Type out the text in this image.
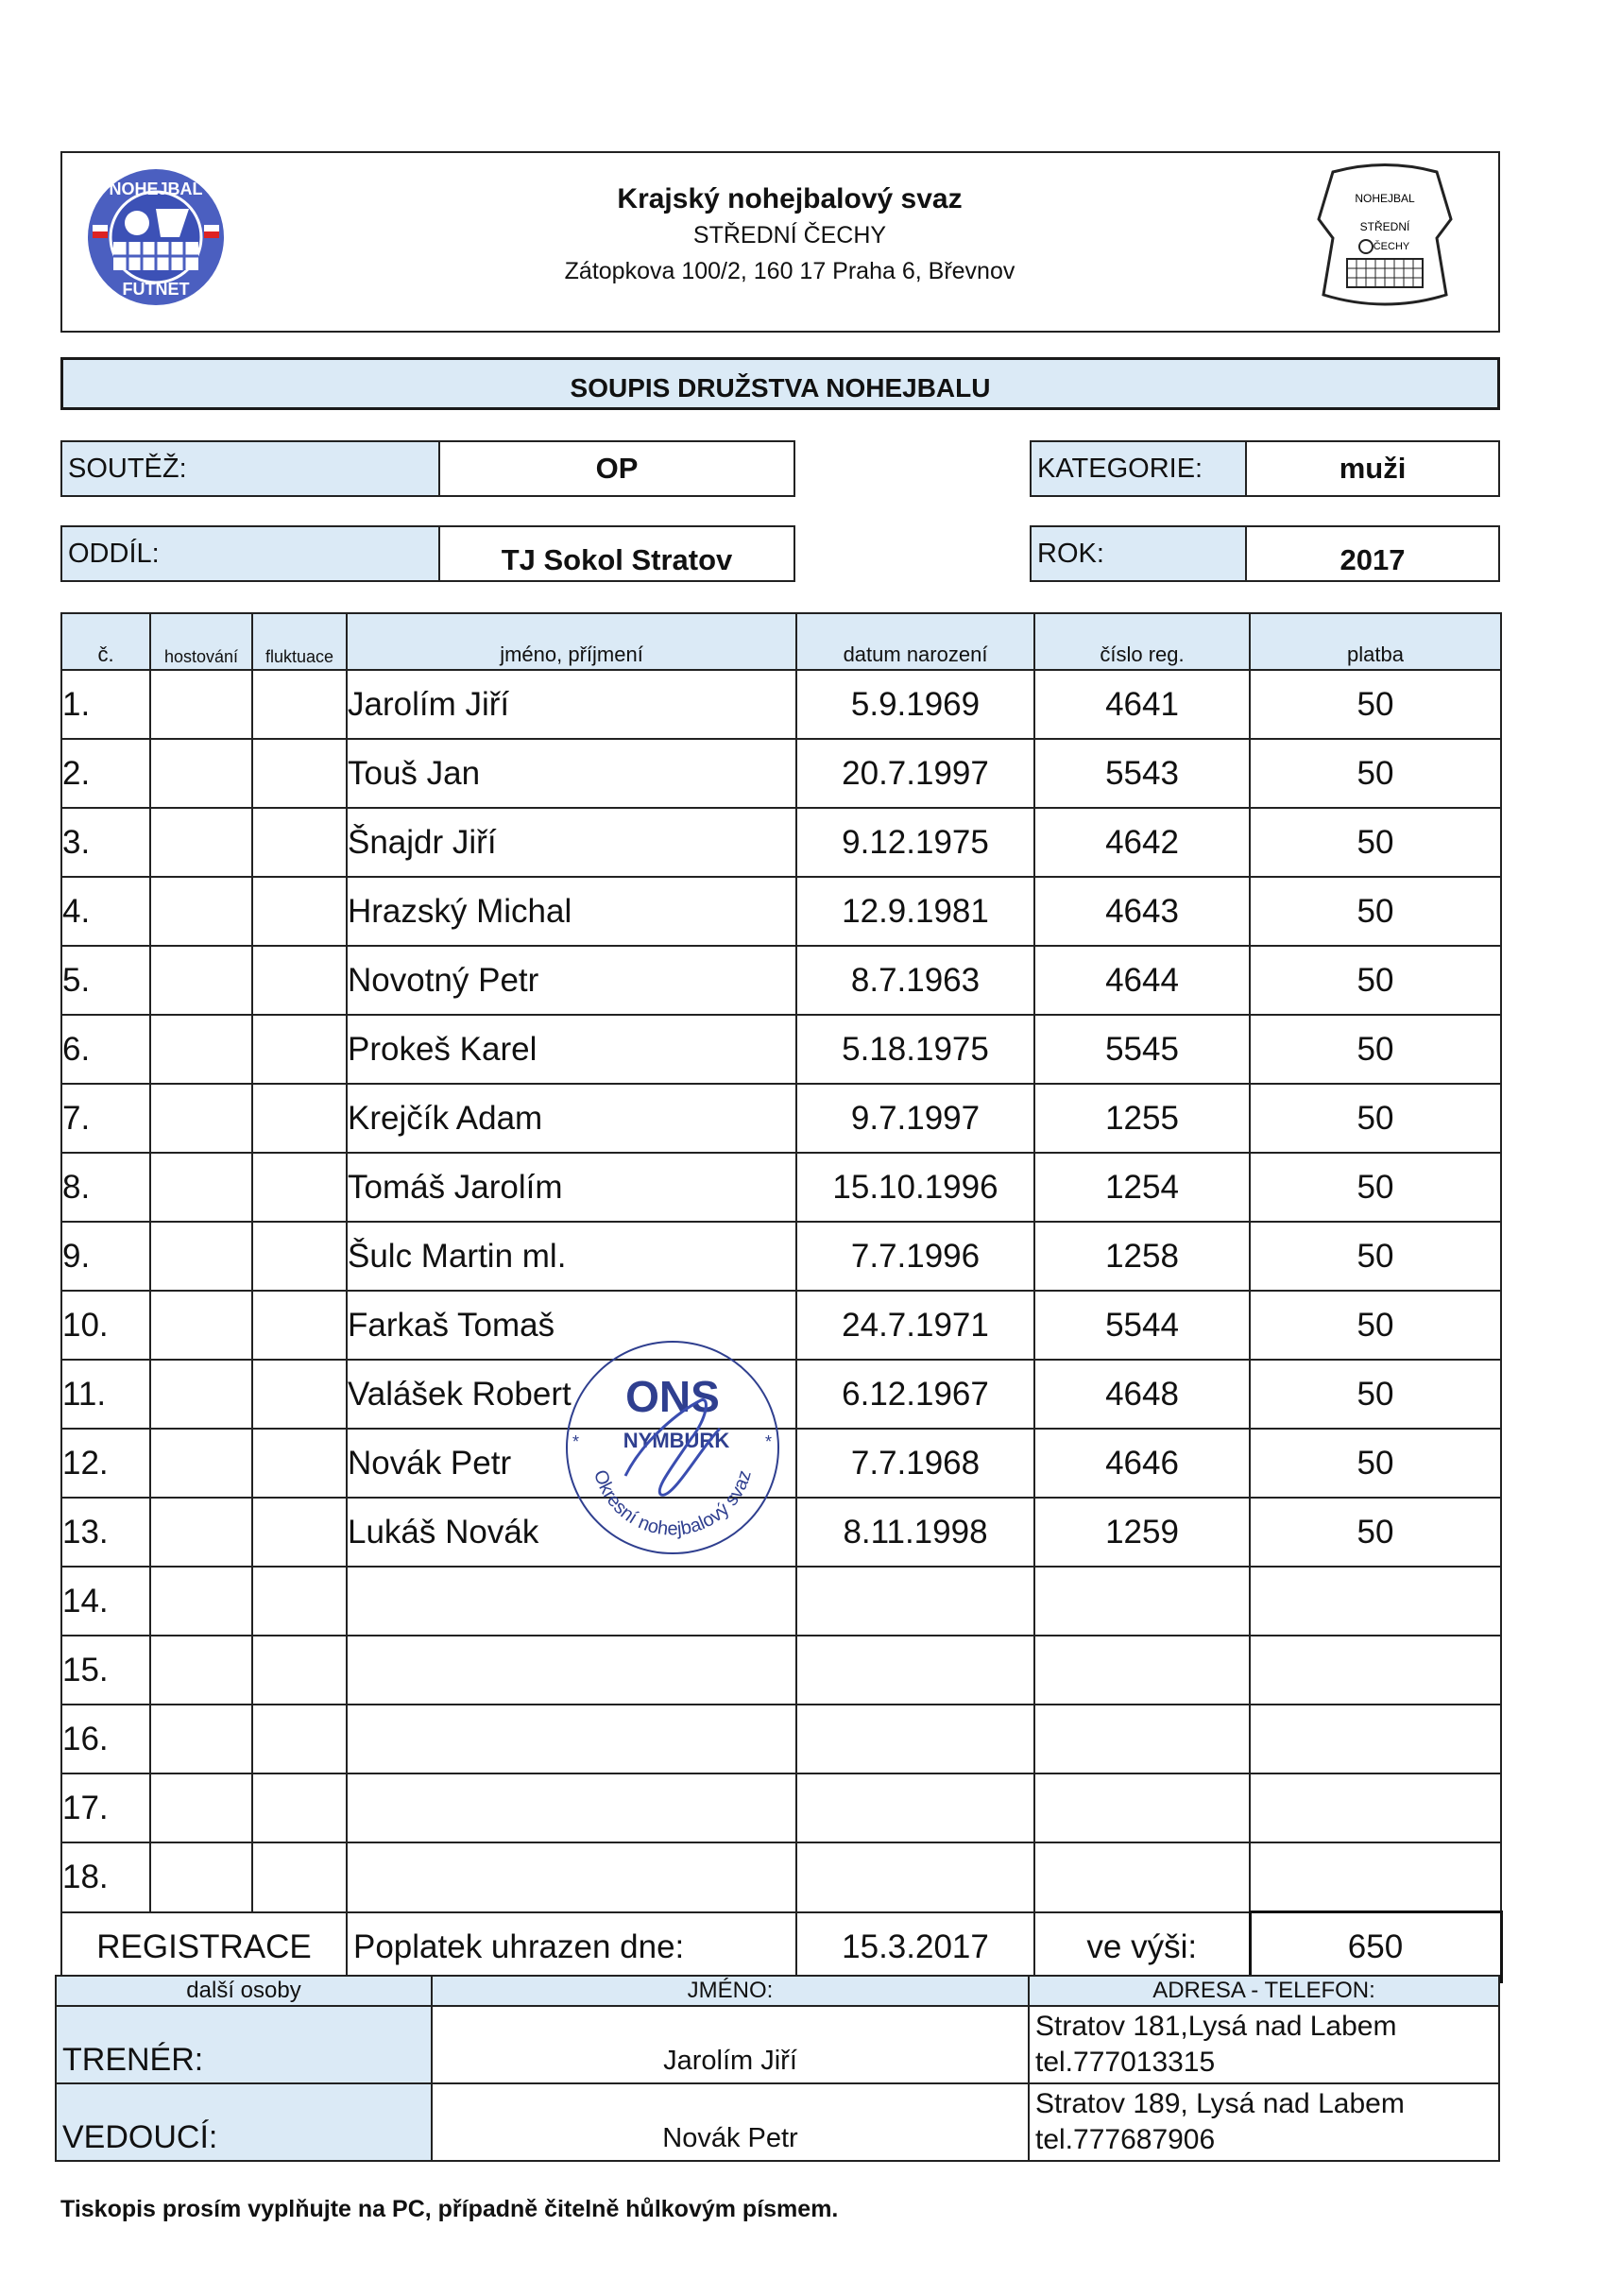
NOHEJBAL
FUTNET
Krajský nohejbalový svaz
STŘEDNÍ ČECHY
Zátopkova 100/2, 160 17 Praha 6, Břevnov
NOHEJBAL
STŘEDNÍ
ČECHY
SOUPIS DRUŽSTVA NOHEJBALU
SOUTĚŽ:	OP	KATEGORIE:	muži
ODDÍL:	TJ Sokol Stratov	ROK:	2017
č.	hostování	fluktuace	jméno, příjmení	datum narození	číslo reg.	platba
1.			Jarolím Jiří	5.9.1969	4641	50
2.			Touš Jan	20.7.1997	5543	50
3.			Šnajdr Jiří	9.12.1975	4642	50
4.			Hrazský Michal	12.9.1981	4643	50
5.			Novotný Petr	8.7.1963	4644	50
6.			Prokeš Karel	5.18.1975	5545	50
7.			Krejčík Adam	9.7.1997	1255	50
8.			Tomáš Jarolím	15.10.1996	1254	50
9.			Šulc Martin ml.	7.7.1996	1258	50
10.			Farkaš Tomaš	24.7.1971	5544	50
11.			Valášek Robert	6.12.1967	4648	50
12.			Novák Petr	7.7.1968	4646	50
13.			Lukáš Novák	8.11.1998	1259	50
14.						
15.						
16.						
17.						
18.						
REGISTRACE			Poplatek uhrazen dne:	15.3.2017	ve výši:	650
ONS
NYMBURK
Okresní nohejbalový svaz
*	*
další osoby	JMÉNO:	ADRESA - TELEFON:
TRENÉR:	Jarolím Jiří	Stratov 181,Lysá nad Labem
tel.777013315

VEDOUCÍ:	Novák Petr	Stratov 189, Lysá nad Labem
tel.777687906
Tiskopis prosím vyplňujte na PC, případně čitelně hůlkovým písmem.
